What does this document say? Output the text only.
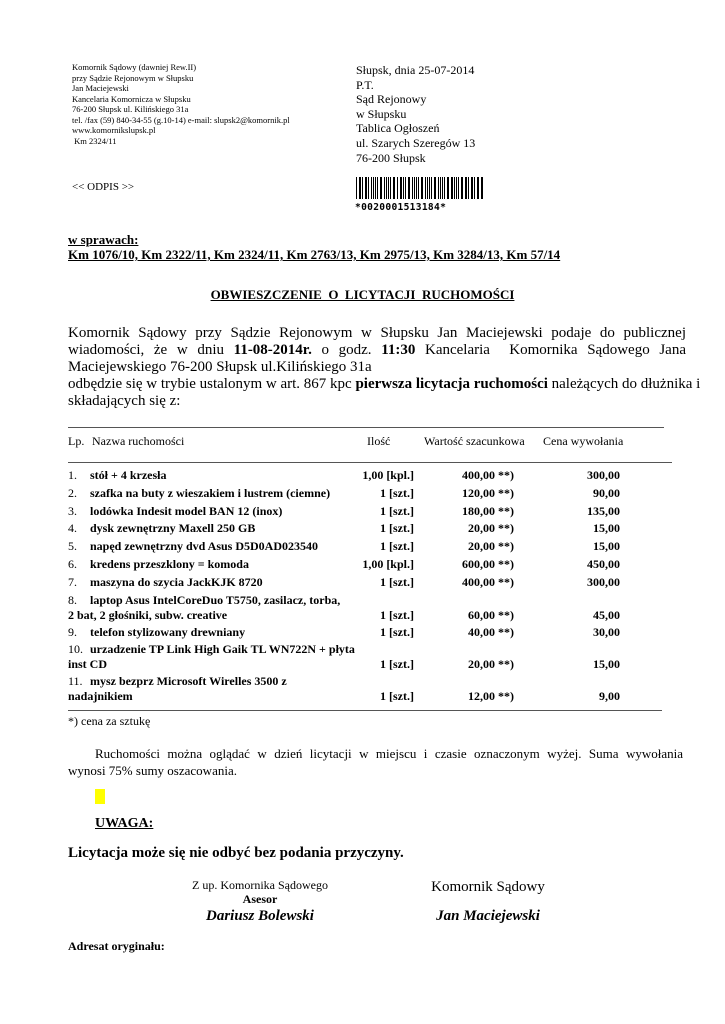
Komornik Sądowy (dawniej Rew.II)
przy Sądzie Rejonowym w Słupsku
Jan Maciejewski
Kancelaria Komornicza w Słupsku
76-200 Słupsk ul. Kilińskiego 31a
tel. /fax (59) 840-34-55 (g.10-14) e-mail: slupsk2@komornik.pl
www.komornikslupsk.pl
Km 2324/11
Słupsk, dnia 25-07-2014
P.T.
Sąd Rejonowy
w Słupsku
Tablica Ogłoszeń
ul. Szarych Szeregów 13
76-200 Słupsk
<< ODPIS >>
*0020001513184*
w sprawach:
Km 1076/10, Km 2322/11, Km 2324/11, Km 2763/13, Km 2975/13, Km 3284/13, Km 57/14
OBWIESZCZENIE  O  LICYTACJI  RUCHOMOŚCI
Komornik Sądowy przy Sądzie Rejonowym w Słupsku Jan Maciejewski podaje do publicznej
wiadomości, że w dniu 11-08-2014r. o godz. 11:30 Kancelaria  Komornika Sądowego Jana
Maciejewskiego 76-200 Słupsk ul.Kilińskiego 31a
odbędzie się w trybie ustalonym w art. 867 kpc pierwsza licytacja ruchomości należących do dłużnika i
składających się z:
Lp. Nazwa ruchomości	Ilość	Wartość szacunkowa Cena wywołania
1. stół + 4 krzesła	1,00 [kpl.]	400,00 **)	300,00
2. szafka na buty z wieszakiem i lustrem (ciemne)	1 [szt.]	120,00 **)	90,00
3. lodówka Indesit model BAN 12 (inox)	1 [szt.]	180,00 **)	135,00
4. dysk zewnętrzny Maxell 250 GB	1 [szt.]	20,00 **)	15,00
5. napęd zewnętrzny dvd Asus D5D0AD023540	1 [szt.]	20,00 **)	15,00
6. kredens przeszklony = komoda	1,00 [kpl.]	600,00 **)	450,00
7. maszyna do szycia JackKJK 8720	1 [szt.]	400,00 **)	300,00
8. laptop Asus IntelCoreDuo T5750, zasilacz, torba,
2 bat, 2 głośniki, subw. creative	1 [szt.]	60,00 **)	45,00
9. telefon stylizowany drewniany	1 [szt.]	40,00 **)	30,00
10. urzadzenie TP Link High Gaik TL WN722N + płyta
inst CD	1 [szt.]	20,00 **)	15,00
11. mysz bezprz Microsoft Wirelles 3500 z
nadajnikiem	1 [szt.]	12,00 **)	9,00
*) cena za sztukę
Ruchomości można oglądać w dzień licytacji w miejscu i czasie oznaczonym wyżej. Suma wywołania
wynosi 75% sumy oszacowania.
UWAGA:
Licytacja może się nie odbyć bez podania przyczyny.
Z up. Komornika Sądowego
Asesor
Dariusz Bolewski
Komornik Sądowy
Jan Maciejewski
Adresat oryginału:
